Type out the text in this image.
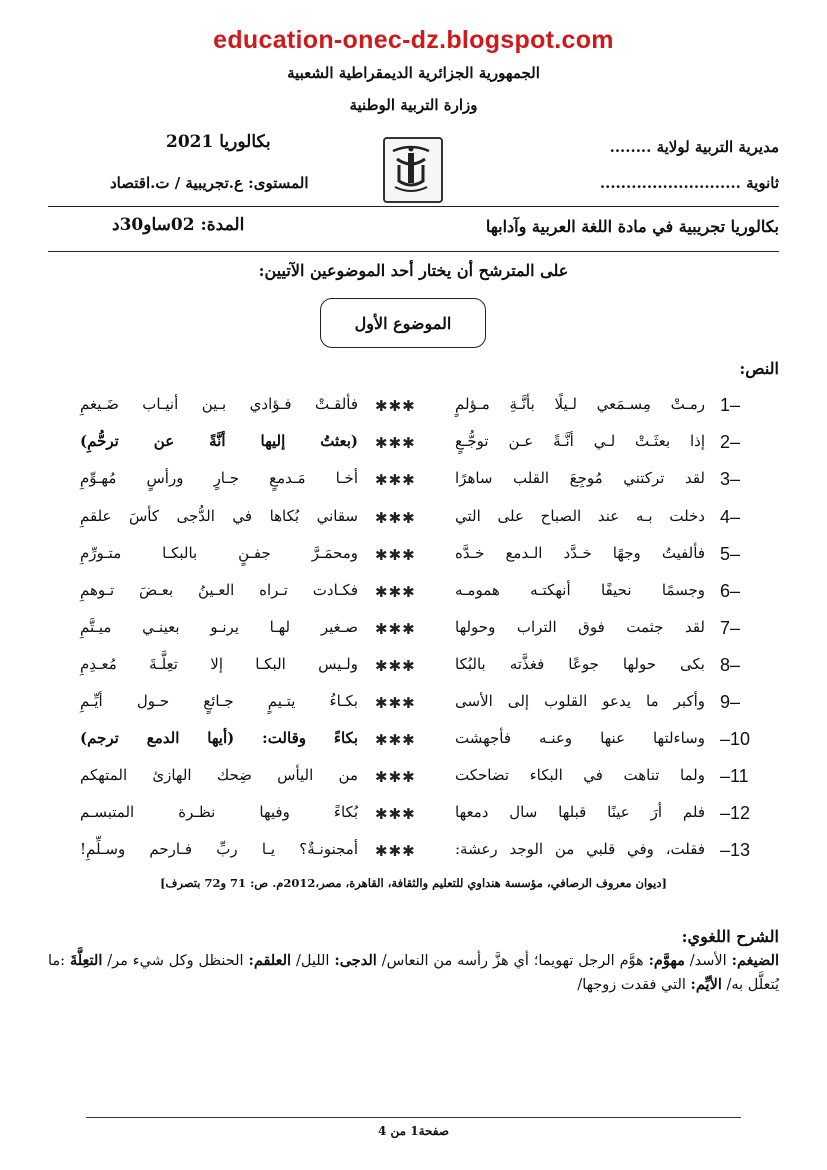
education-onec-dz.blogspot.com
الجمهورية الجزائرية الديمقراطية الشعبية
وزارة التربية الوطنية
مديرية التربية لولاية ........
ثانوية ...........................
بكالوريا 2021
المستوى: ع.تجريبية / ت.اقتصاد
بكالوريا تجريبية في مادة اللغة العربية وآدابها
المدة: 02ساو30د
على المترشح أن يختار أحد الموضوعين الآتيين:
الموضوع الأول
النص:
1–
رمـتْ مِسـمَعي لـيلًا بأنَّـةِ مـؤلمٍ
✱✱✱
فألقـتْ فـؤادي بـين أنيـاب ضَـيغمِ
2–
إذا بعثَـتْ لـي أنَّـةً عـن توجُّـعٍ
✱✱✱
(بعثتُ إليها أنَّةً عن ترحُّمِ)
3–
لقد تركتني مُوجِعَ القلب ساهرًا
✱✱✱
أخـا مَـدمعٍ جـارٍ ورأسٍ مُهـوِّمِ
4–
دخلت بـه عند الصباح على التي
✱✱✱
سقاني بُكاها في الدُّجى كأسَ علقمِ
5–
فألفيتُ وجهًا خـدَّد الـدمع خـدَّه
✱✱✱
ومحمَـرَّ جفـنٍ بالبكـا متـورِّمِ
6–
وجسمًا نحيفًا أنهكتـه همومـه
✱✱✱
فكـادت تـراه العـينُ بعـضَ تـوهمِ
7–
لقد جثمت فوق التراب وحولها
✱✱✱
صـغير لهـا يرنـو بعينـي ميـتَّمِ
8–
بكى حولها جوعًا فغذَّته بالبُكا
✱✱✱
ولـيس البكـا إلا تعِلَّـةَ مُعـدِمِ
9–
وأكبر ما يدعو القلوب إلى الأسى
✱✱✱
بكـاءُ يتـيمٍ جـائعٍ حـول أيِّـمِ
–10
وساءلتها عنها وعنـه فأجهشت
✱✱✱
بكاءً وقالت: (أيها الدمع ترجم)
–11
ولما تناهت في البكاء تضاحكت
✱✱✱
من اليأس ضِحك الهازئ المتهكم
–12
فلم أرَ عينًا قبلها سال دمعها
✱✱✱
بُكاءً وفيها نظـرة المتبسـم
–13
فقلت، وفي قلبي من الوجد رعشة:
✱✱✱
أمجنونـةٌ؟ يـا ربِّ فـارحم وسـلِّمِ!
[ديوان معروف الرصافي، مؤسسة هنداوي للتعليم والثقافة، القاهرة، مصر،2012م. ص: 71 و72 بتصرف]
الشرح اللغوي:
الضيغم: الأسد/ مهوَّم: هوَّم الرجل تهويما؛ أي هزَّ رأسه من النعاس/ الدجى: الليل/ العلقم: الحنظل وكل شيء مر/ التعِلَّةَ :ما يُتعلَّل به/ الأيِّم: التي فقدت زوجها/
صفحة1 من 4
